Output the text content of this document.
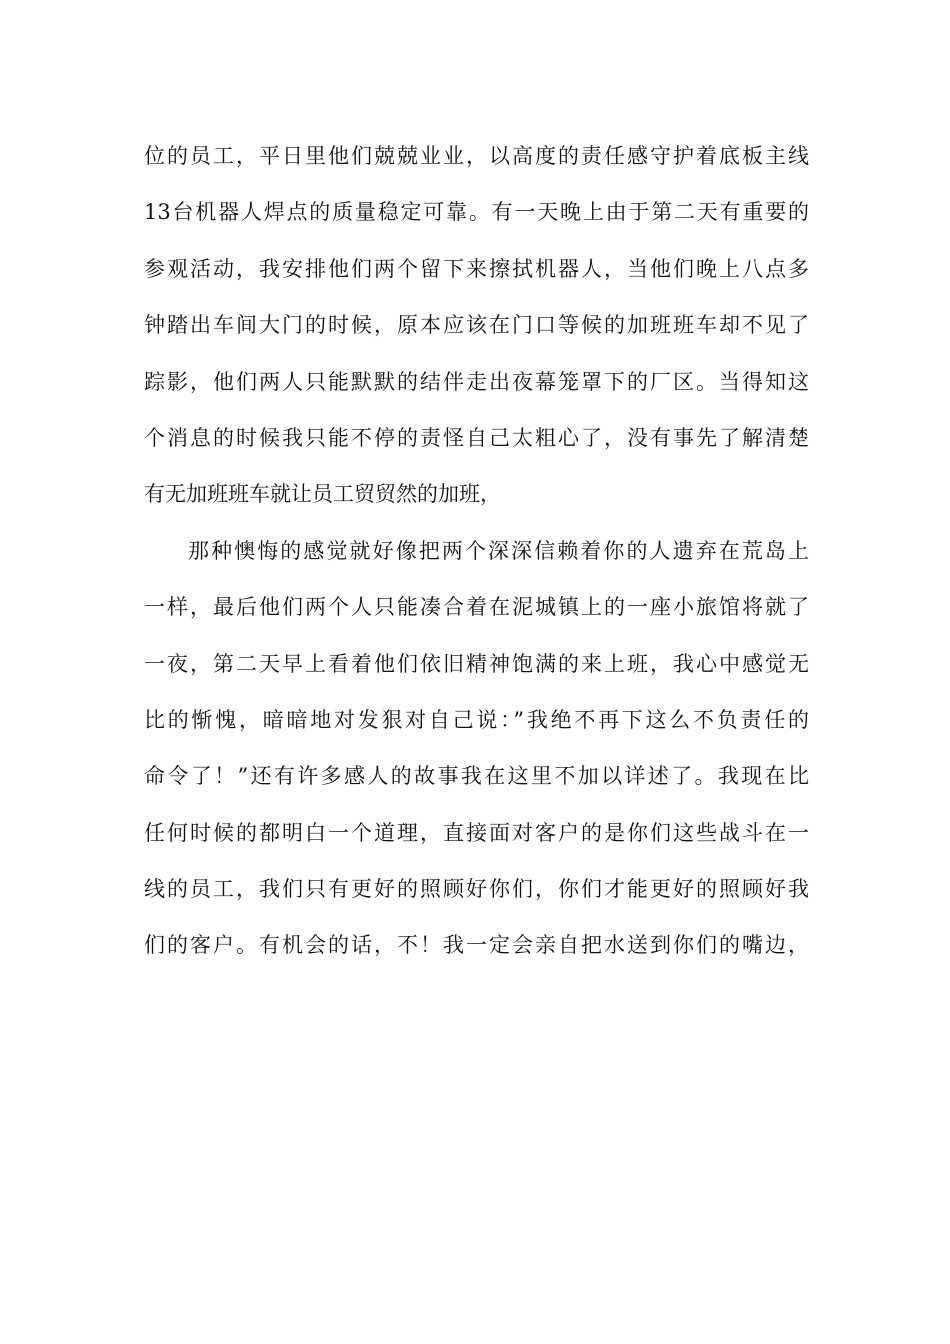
位的员工，平日里他们兢兢业业，以高度的责任感守护着底板主线
13台机器人焊点的质量稳定可靠。有一天晚上由于第二天有重要的
参观活动，我安排他们两个留下来擦拭机器人，当他们晚上八点多
钟踏出车间大门的时候，原本应该在门口等候的加班班车却不见了
踪影，他们两人只能默默的结伴走出夜幕笼罩下的厂区。当得知这
个消息的时候我只能不停的责怪自己太粗心了，没有事先了解清楚
有无加班班车就让员工贸贸然的加班，
那种懊悔的感觉就好像把两个深深信赖着你的人遗弃在荒岛上
一样，最后他们两个人只能凑合着在泥城镇上的一座小旅馆将就了
一夜，第二天早上看着他们依旧精神饱满的来上班，我心中感觉无
比的惭愧，暗暗地对发狠对自己说：”我绝不再下这么不负责任的
命令了！”还有许多感人的故事我在这里不加以详述了。我现在比
任何时候的都明白一个道理，直接面对客户的是你们这些战斗在一
线的员工，我们只有更好的照顾好你们，你们才能更好的照顾好我
们的客户。有机会的话，不！我一定会亲自把水送到你们的嘴边，
